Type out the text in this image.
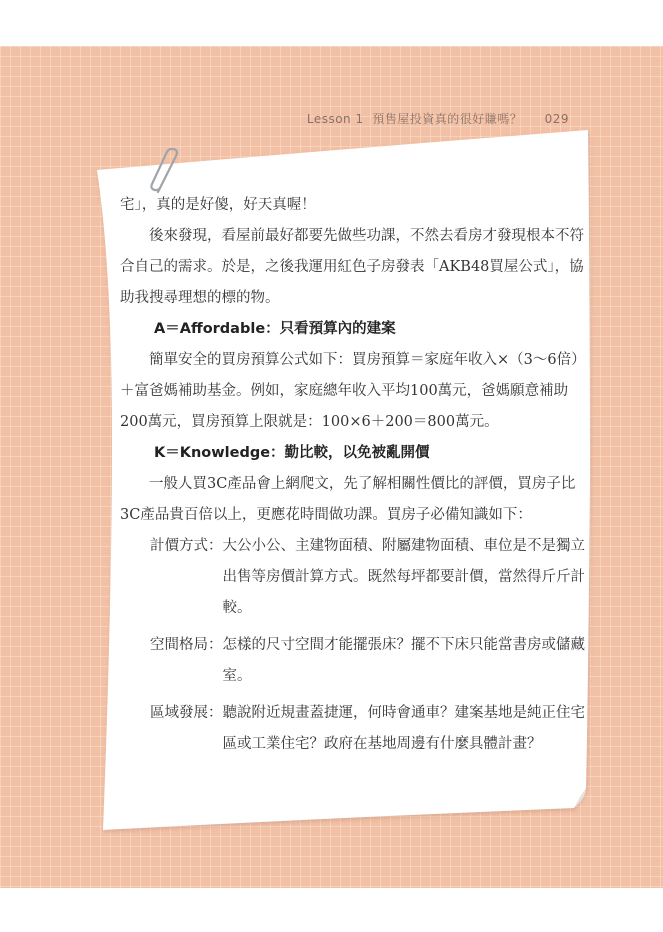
Lesson 1 預售屋投資真的很好賺嗎？ 029

宅」，真的是好傻，好天真喔！

後來發現，看屋前最好都要先做些功課，不然去看房才發現根本不符合自己的需求。於是，之後我運用紅色子房發表「AKB48買屋公式」，協助我搜尋理想的標的物。

A＝Affordable：只看預算內的建案

簡單安全的買房預算公式如下：買房預算＝家庭年收入×（3〜6倍）＋富爸媽補助基金。例如，家庭總年收入平均100萬元，爸媽願意補助200萬元，買房預算上限就是：100×6＋200＝800萬元。

K＝Knowledge：勤比較，以免被亂開價

一般人買3C產品會上網爬文，先了解相關性價比的評價，買房子比3C產品貴百倍以上，更應花時間做功課。買房子必備知識如下：

計價方式： 大公小公、主建物面積、附屬建物面積、車位是不是獨立出售等房價計算方式。既然每坪都要計價，當然得斤斤計較。
空間格局： 怎樣的尺寸空間才能擺張床？擺不下床只能當書房或儲藏室。
區域發展： 聽說附近規畫蓋捷運，何時會通車？建案基地是純正住宅區或工業住宅？政府在基地周邊有什麼具體計畫？
